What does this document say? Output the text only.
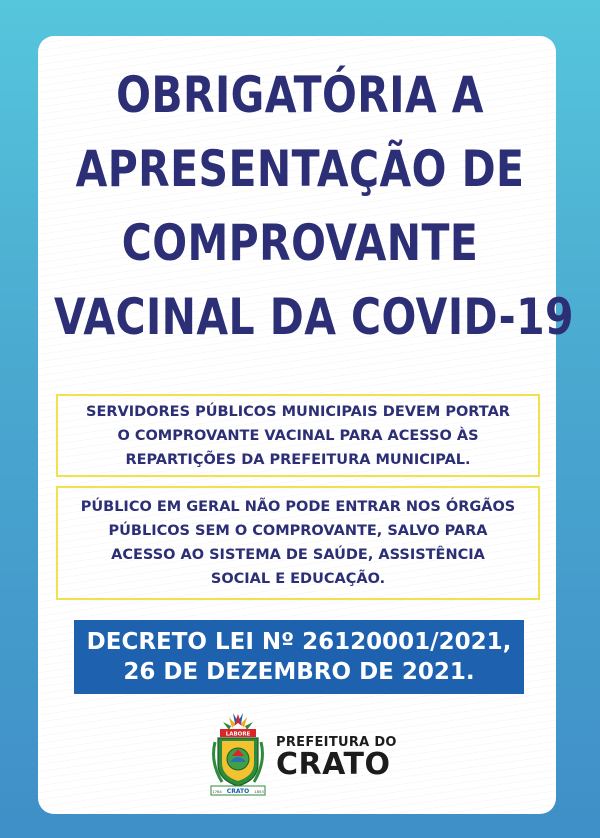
OBRIGATÓRIA A
APRESENTAÇÃO DE
COMPROVANTE
VACINAL DA COVID-19
SERVIDORES PÚBLICOS MUNICIPAIS DEVEM PORTAR
O COMPROVANTE VACINAL PARA ACESSO ÀS
REPARTIÇÕES DA PREFEITURA MUNICIPAL.
PÚBLICO EM GERAL NÃO PODE ENTRAR NOS ÓRGÃOS
PÚBLICOS SEM O COMPROVANTE, SALVO PARA
ACESSO AO SISTEMA DE SAÚDE, ASSISTÊNCIA
SOCIAL E EDUCAÇÃO.
DECRETO LEI Nº 26120001/2021,
26 DE DEZEMBRO DE 2021.
LABORE
CRATO
1764	1853
PREFEITURA DO
CRATO
